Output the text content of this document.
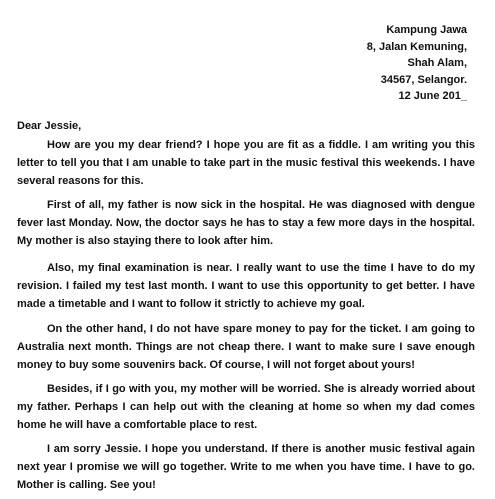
Kampung Jawa
8, Jalan Kemuning,
Shah Alam,
34567, Selangor.
12 June 201_
Dear Jessie,

How are you my dear friend? I hope you are fit as a fiddle. I am writing you this letter to tell you that I am unable to take part in the music festival this weekends. I have several reasons for this.

First of all, my father is now sick in the hospital. He was diagnosed with dengue fever last Monday. Now, the doctor says he has to stay a few more days in the hospital. My mother is also staying there to look after him.

Also, my final examination is near. I really want to use the time I have to do my revision. I failed my test last month. I want to use this opportunity to get better. I have made a timetable and I want to follow it strictly to achieve my goal.

On the other hand, I do not have spare money to pay for the ticket. I am going to Australia next month. Things are not cheap there. I want to make sure I save enough money to buy some souvenirs back. Of course, I will not forget about yours!

Besides, if I go with you, my mother will be worried. She is already worried about my father. Perhaps I can help out with the cleaning at home so when my dad comes home he will have a comfortable place to rest.

I am sorry Jessie. I hope you understand. If there is another music festival again next year I promise we will go together. Write to me when you have time. I have to go. Mother is calling. See you!
